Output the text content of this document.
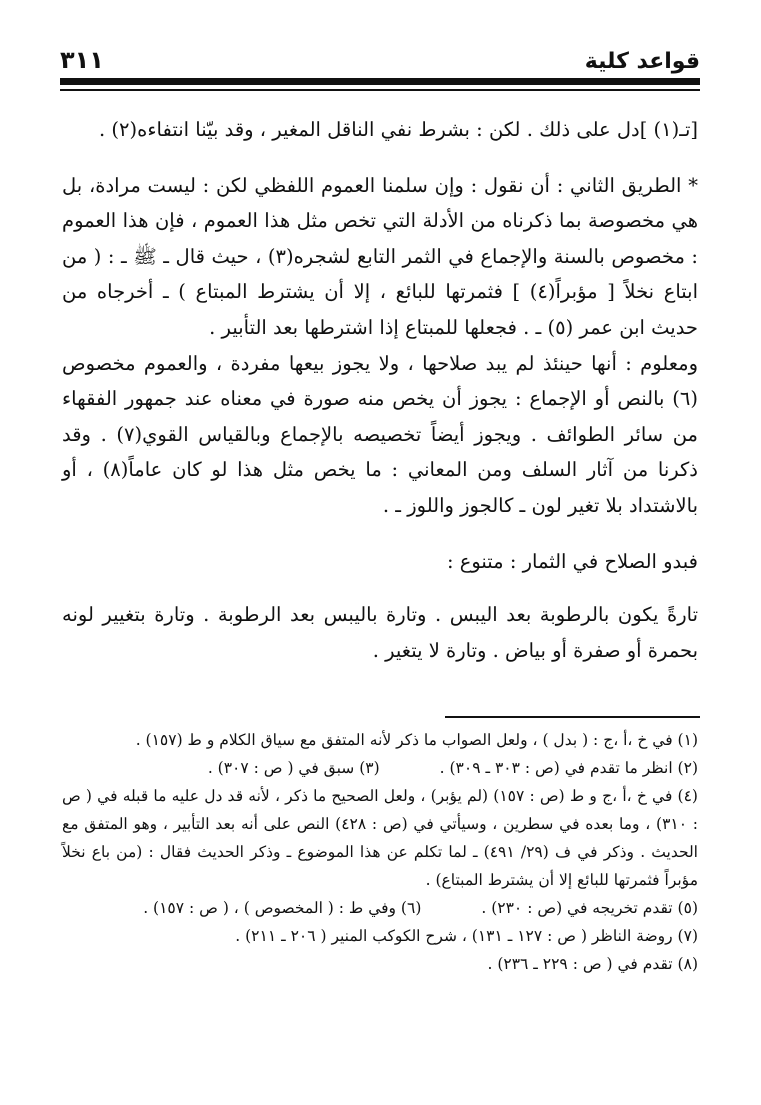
٣١١	قواعد كلية

[تـ(١) ]دل على ذلك . لكن : بشرط نفي الناقل المغير ، وقد بيّنا انتفاءه(٢) .

* الطريق الثاني : أن نقول : وإن سلمنا العموم اللفظي لكن : ليست مرادة، بل هي مخصوصة بما ذكرناه من الأدلة التي تخص مثل هذا العموم ، فإن هذا العموم : مخصوص بالسنة والإجماع في الثمر التابع لشجره(٣) ، حيث قال ـ ﷺ ـ : ( من ابتاع نخلاً [ مؤبراً(٤) ] فثمرتها للبائع ، إلا أن يشترط المبتاع ) ـ أخرجاه من حديث ابن عمر (٥) ـ . فجعلها للمبتاع إذا اشترطها بعد التأبير .

ومعلوم : أنها حينئذ لم يبد صلاحها ، ولا يجوز بيعها مفردة ، والعموم مخصوص (٦) بالنص أو الإجماع : يجوز أن يخص منه صورة في معناه عند جمهور الفقهاء من سائر الطوائف . ويجوز أيضاً تخصيصه بالإجماع وبالقياس القوي(٧) . وقد ذكرنا من آثار السلف ومن المعاني : ما يخص مثل هذا لو كان عاماً(٨) ، أو بالاشتداد بلا تغير لون ـ كالجوز واللوز ـ .

فبدو الصلاح في الثمار : متنوع :

تارةً يكون بالرطوبة بعد اليبس . وتارة باليبس بعد الرطوبة . وتارة بتغيير لونه بحمرة أو صفرة أو بياض . وتارة لا يتغير .

(١) في خ ،أ ،ج : ( بدل ) ، ولعل الصواب ما ذكر لأنه المتفق مع سياق الكلام و ط (١٥٧) .

(٢) انظر ما تقدم في (ص : ٣٠٣ ـ ٣٠٩) .
(٣) سبق في ( ص : ٣٠٧) .

(٤) في خ ،أ ،ج و ط (ص : ١٥٧) (لم يؤبر) ، ولعل الصحيح ما ذكر ، لأنه قد دل عليه ما قبله في ( ص : ٣١٠) ، وما بعده في سطرين ، وسيأتي في (ص : ٤٢٨) النص على أنه بعد التأبير ، وهو المتفق مع الحديث . وذكر في ف (٢٩/ ٤٩١) ـ لما تكلم عن هذا الموضوع ـ وذكر الحديث فقال : (من باع نخلاً مؤبراً فثمرتها للبائع إلا أن يشترط المبتاع) .

(٥) تقدم تخريجه في (ص : ٢٣٠) .
(٦) وفي ط : ( المخصوص ) ، ( ص : ١٥٧) .

(٧) روضة الناظر ( ص : ١٢٧ ـ ١٣١) ، شرح الكوكب المنير ( ٢٠٦ ـ ٢١١) .

(٨) تقدم في ( ص : ٢٢٩ ـ ٢٣٦) .
